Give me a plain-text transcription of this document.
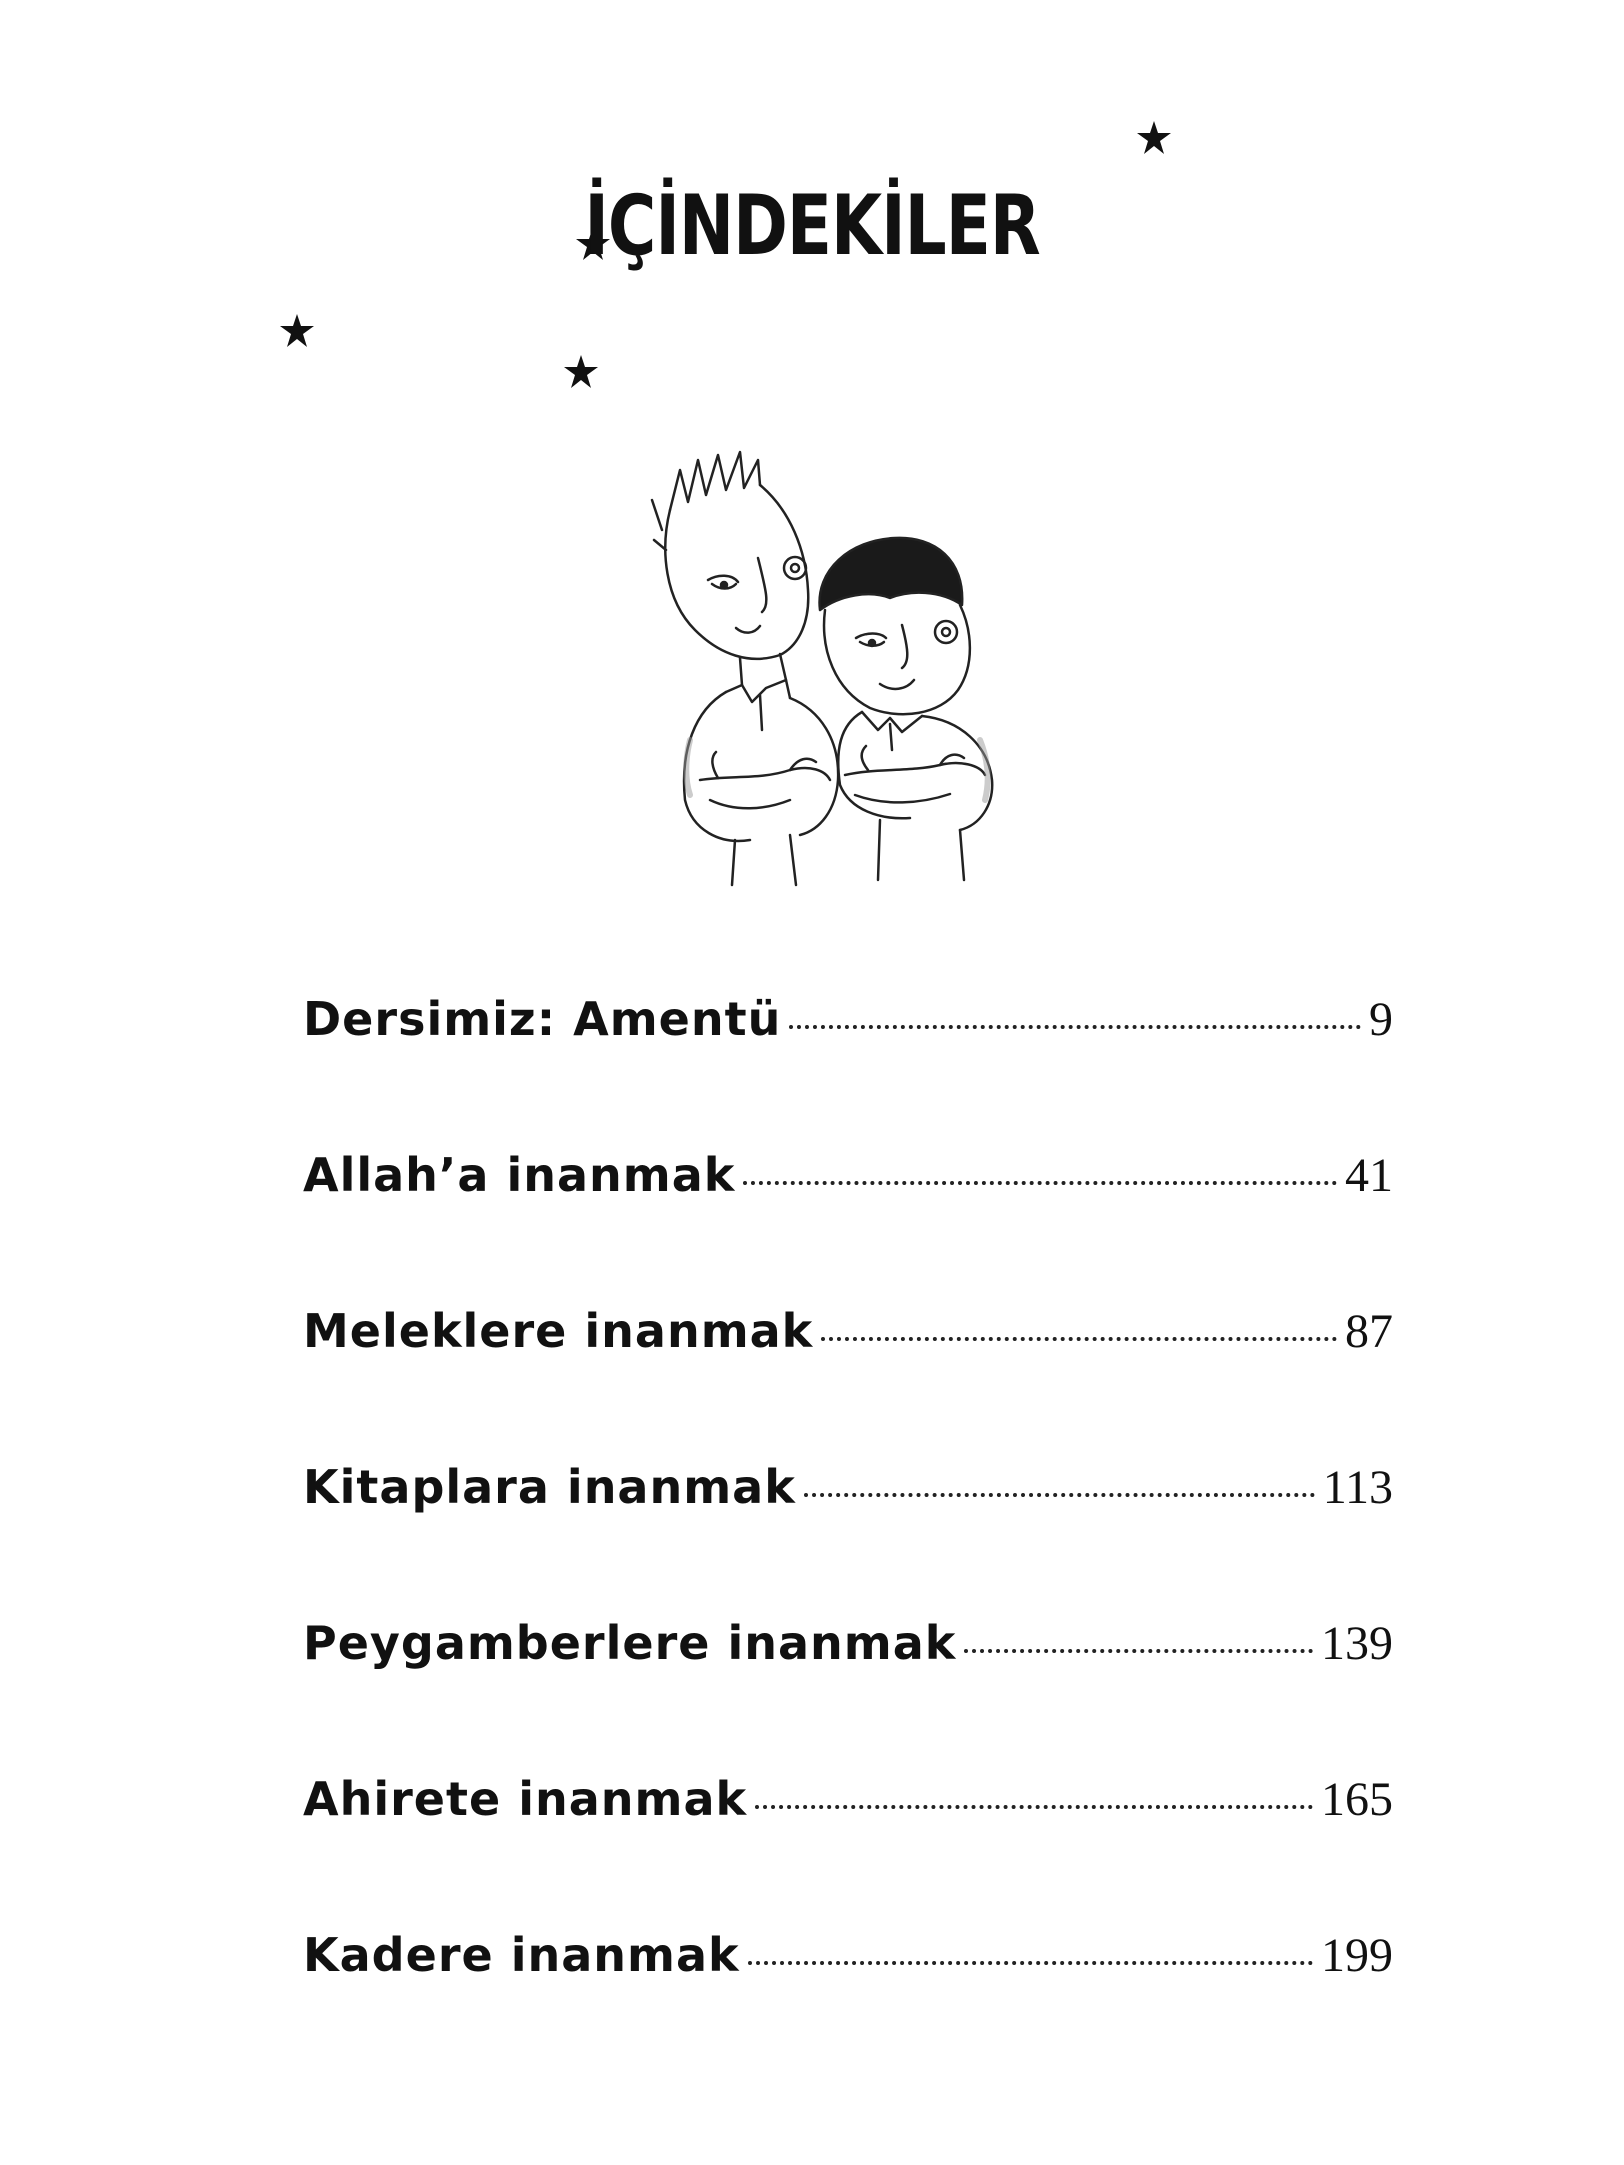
İÇİNDEKİLER
Dersimiz: Amentü	9
Allah’a inanmak	41
Meleklere inanmak	87
Kitaplara inanmak	113
Peygamberlere inanmak	139
Ahirete inanmak	165
Kadere inanmak	199
